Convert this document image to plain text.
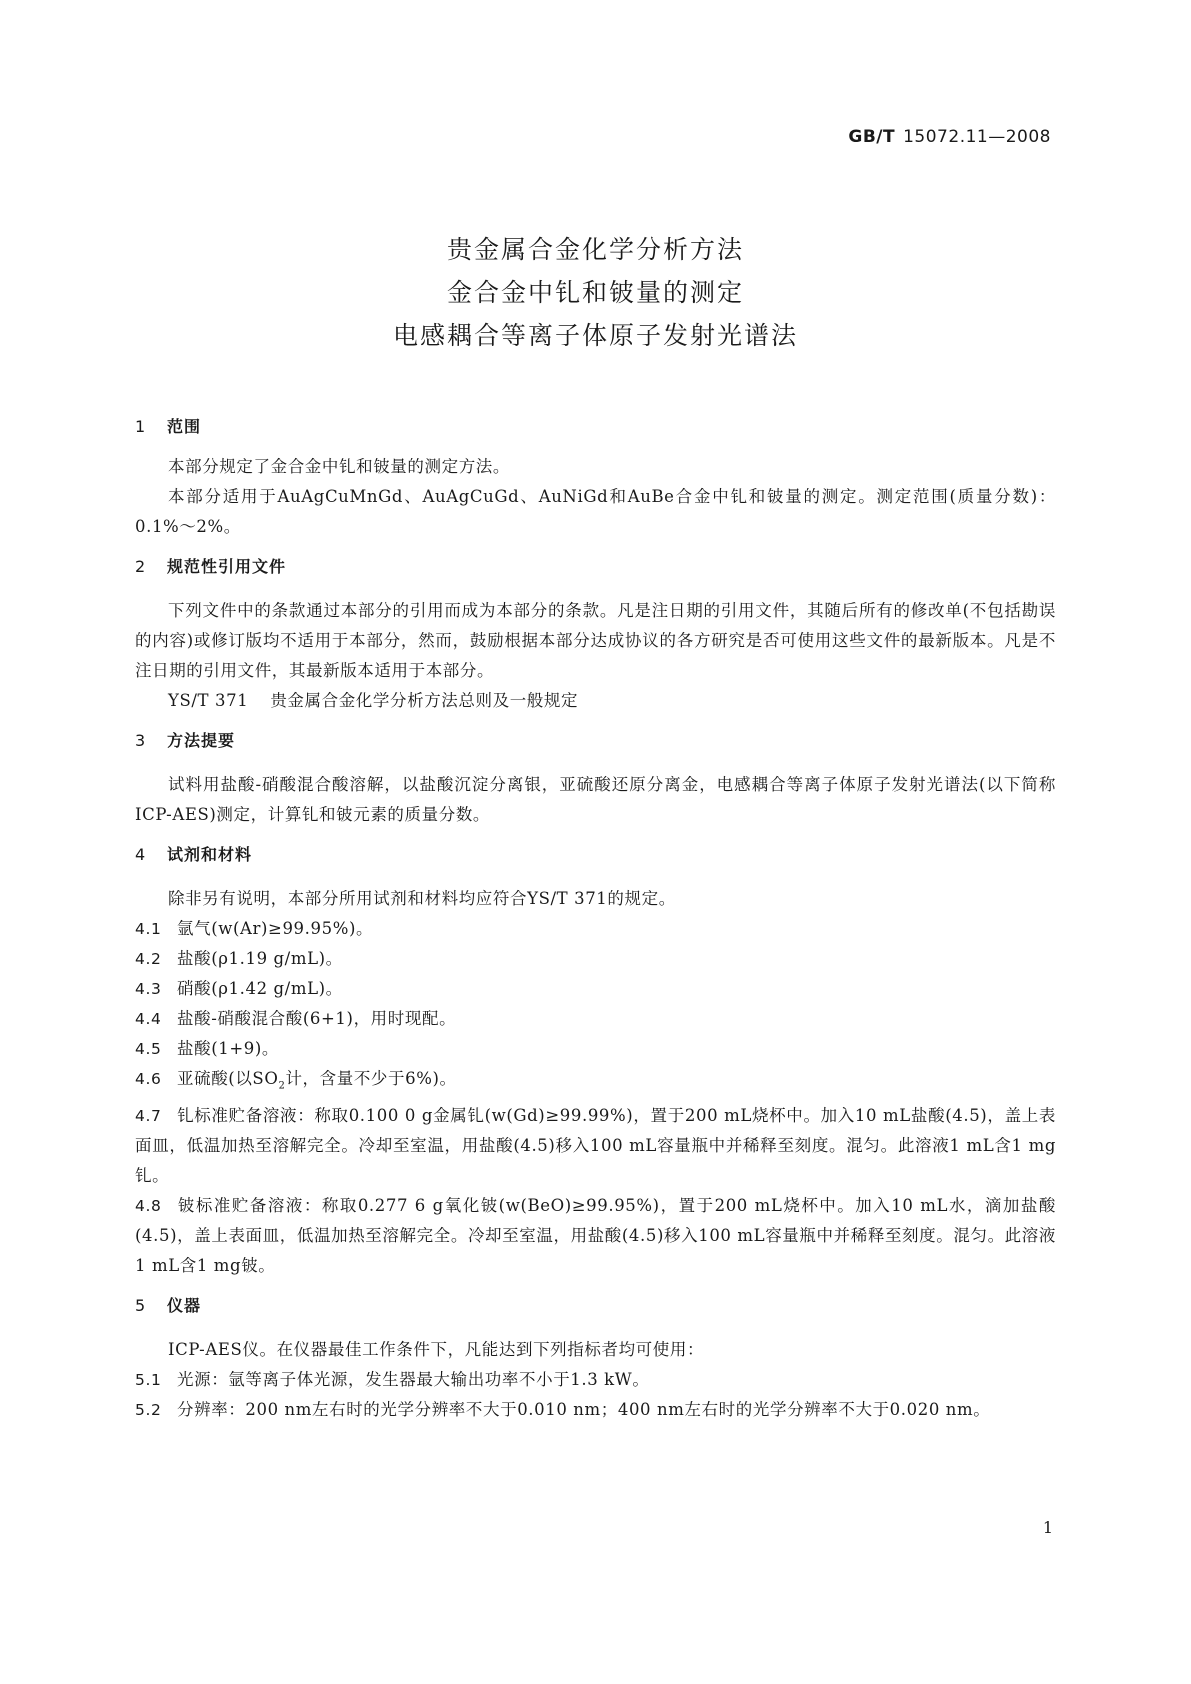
GB/T 15072.11—2008
贵金属合金化学分析方法
金合金中钆和铍量的测定
电感耦合等离子体原子发射光谱法

1 范围

本部分规定了金合金中钆和铍量的测定方法。

本部分适用于AuAgCuMnGd、AuAgCuGd、AuNiGd和AuBe合金中钆和铍量的测定。测定范围(质量分数)：0.1%～2%。

2 规范性引用文件

下列文件中的条款通过本部分的引用而成为本部分的条款。凡是注日期的引用文件，其随后所有的修改单(不包括勘误的内容)或修订版均不适用于本部分，然而，鼓励根据本部分达成协议的各方研究是否可使用这些文件的最新版本。凡是不注日期的引用文件，其最新版本适用于本部分。

YS/T 371 贵金属合金化学分析方法总则及一般规定

3 方法提要

试料用盐酸-硝酸混合酸溶解，以盐酸沉淀分离银，亚硫酸还原分离金，电感耦合等离子体原子发射光谱法(以下简称ICP-AES)测定，计算钆和铍元素的质量分数。

4 试剂和材料

除非另有说明，本部分所用试剂和材料均应符合YS/T 371的规定。

4.1 氩气(w(Ar)≥99.95%)。

4.2 盐酸(ρ1.19 g/mL)。

4.3 硝酸(ρ1.42 g/mL)。

4.4 盐酸-硝酸混合酸(6+1)，用时现配。

4.5 盐酸(1+9)。

4.6 亚硫酸(以$SO_2$计，含量不少于6%)。

4.7 钆标准贮备溶液：称取0.100 0 g金属钆(w(Gd)≥99.99%)，置于200 mL烧杯中。加入10 mL盐酸(4.5)，盖上表面皿，低温加热至溶解完全。冷却至室温，用盐酸(4.5)移入100 mL容量瓶中并稀释至刻度。混匀。此溶液1 mL含1 mg钆。

4.8 铍标准贮备溶液：称取0.277 6 g氧化铍(w(BeO)≥99.95%)，置于200 mL烧杯中。加入10 mL水，滴加盐酸(4.5)，盖上表面皿，低温加热至溶解完全。冷却至室温，用盐酸(4.5)移入100 mL容量瓶中并稀释至刻度。混匀。此溶液1 mL含1 mg铍。

5 仪器

ICP-AES仪。在仪器最佳工作条件下，凡能达到下列指标者均可使用：

5.1 光源：氩等离子体光源，发生器最大输出功率不小于1.3 kW。

5.2 分辨率：200 nm左右时的光学分辨率不大于0.010 nm；400 nm左右时的光学分辨率不大于0.020 nm。

1
